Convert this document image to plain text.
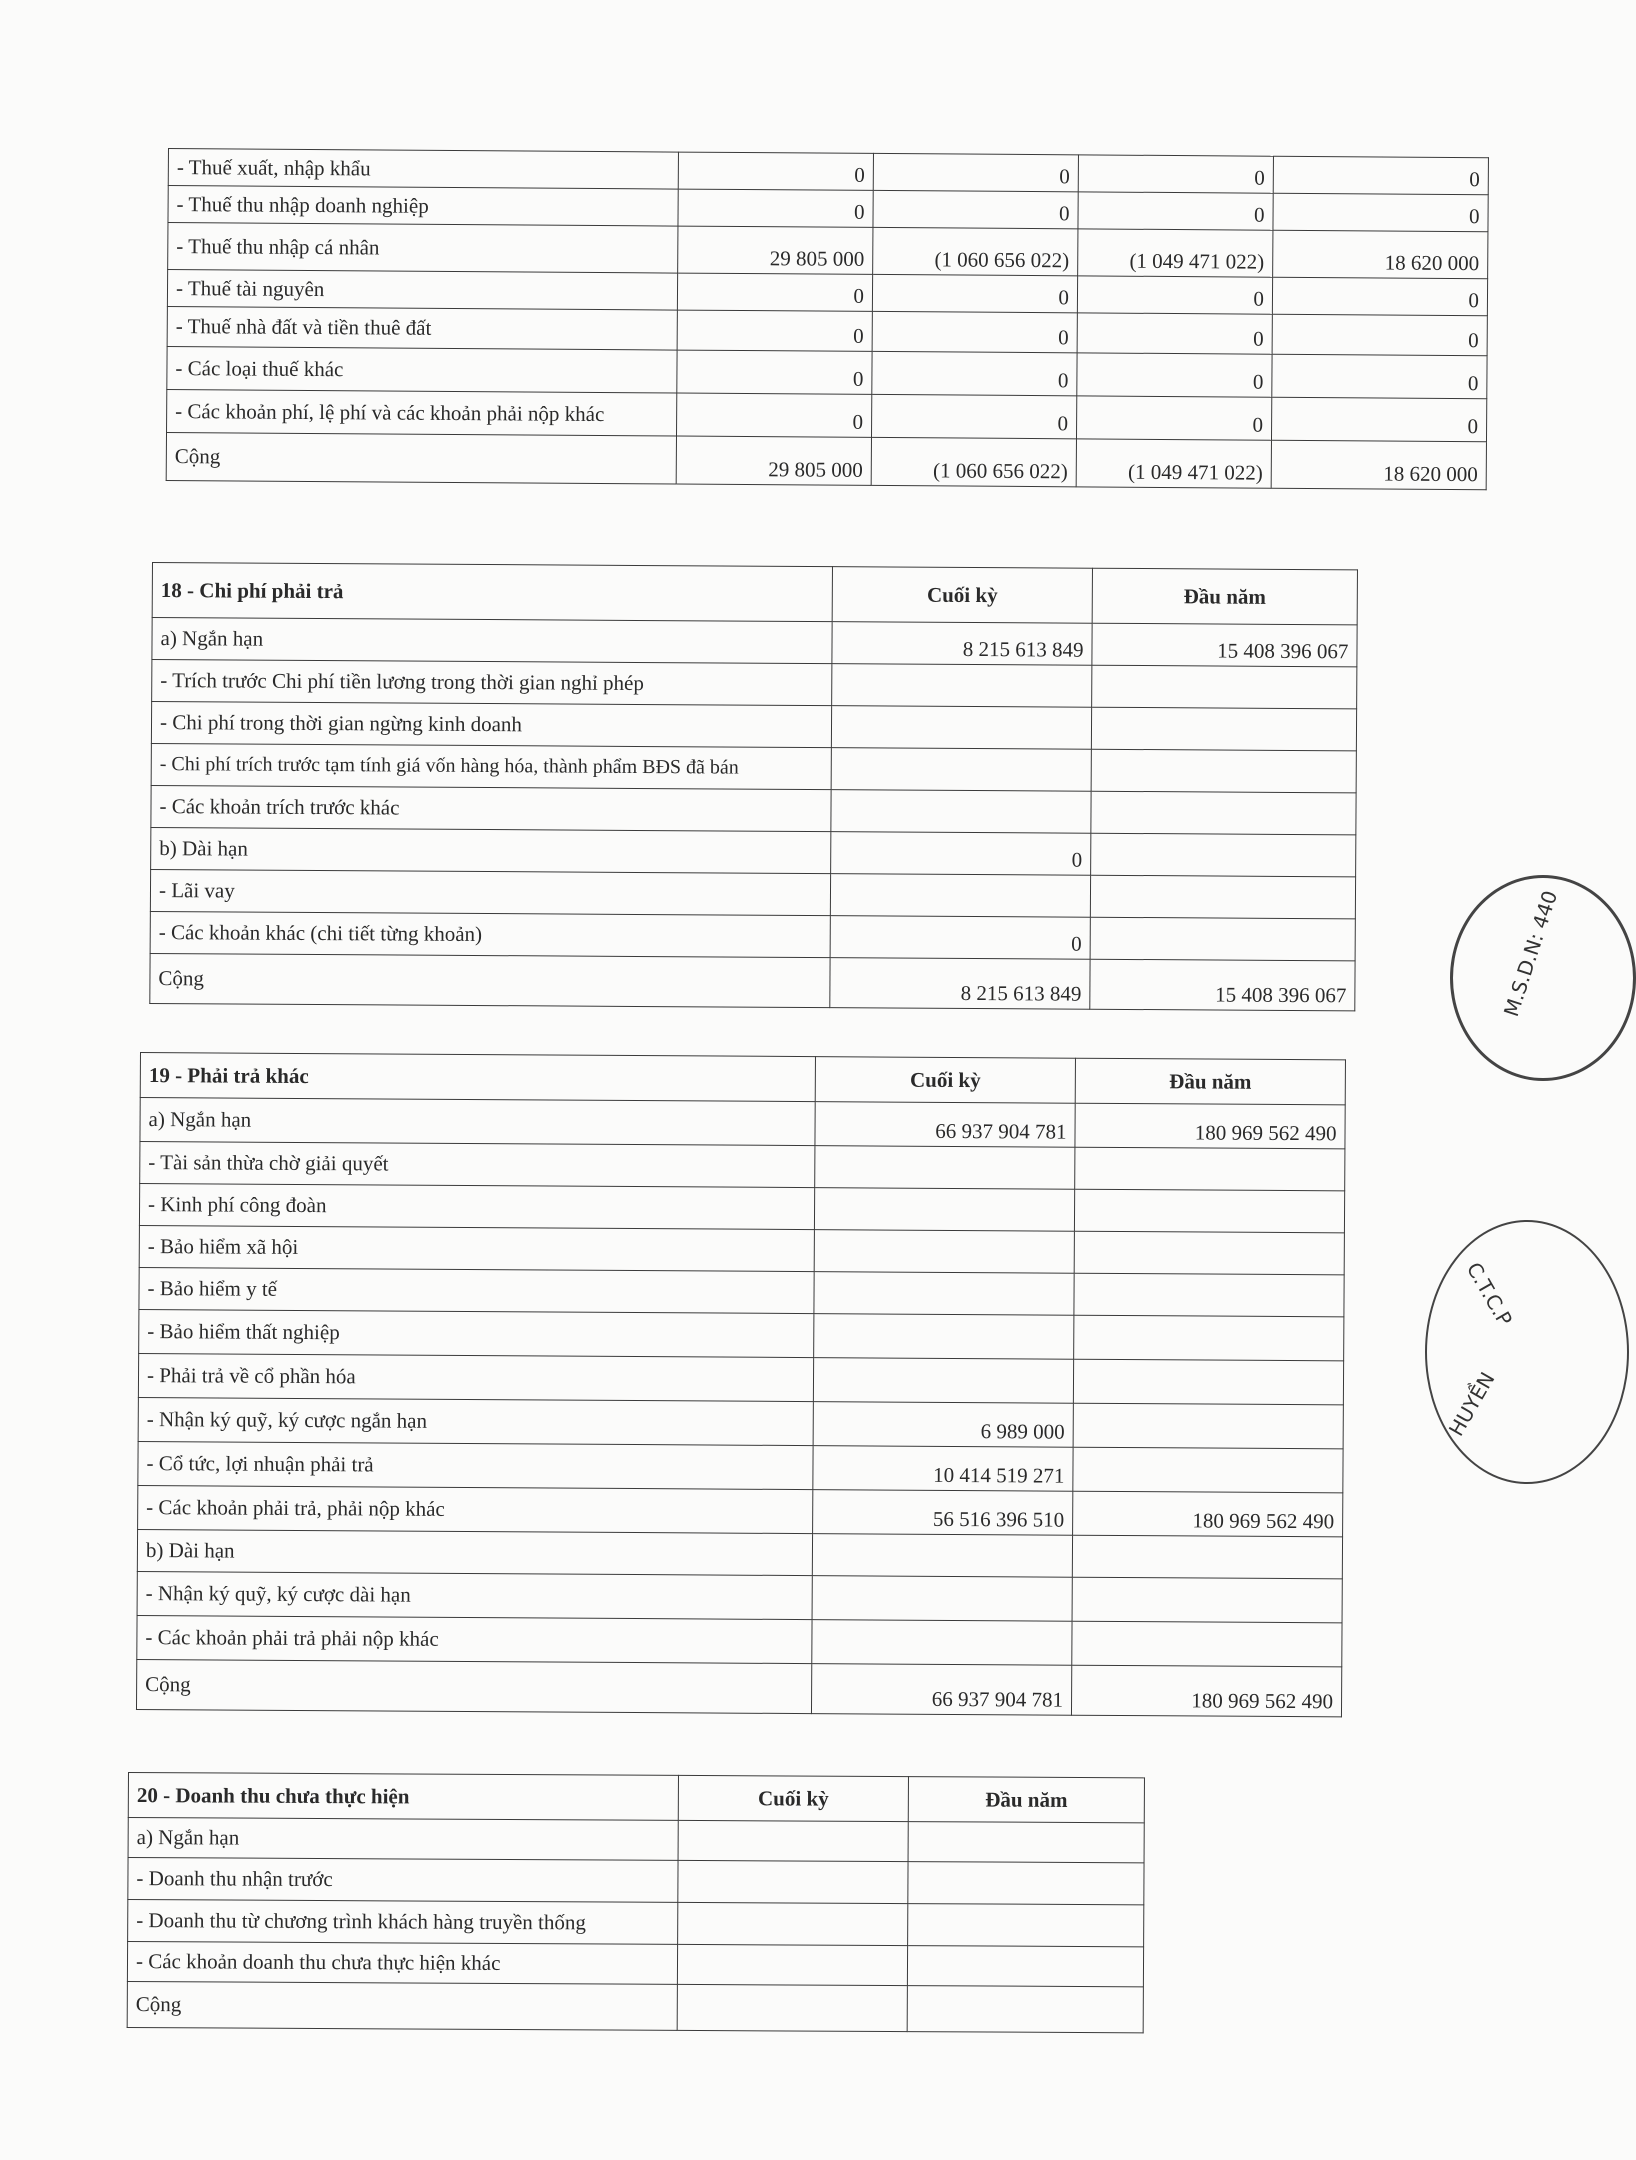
- Thuế xuất, nhập khẩu	0	0	0	0
- Thuế thu nhập doanh nghiệp	0	0	0	0
- Thuế thu nhập cá nhân	29 805 000	(1 060 656 022)	(1 049 471 022)	18 620 000
- Thuế tài nguyên	0	0	0	0
- Thuế nhà đất và tiền thuê đất	0	0	0	0
- Các loại thuế khác	0	0	0	0
- Các khoản phí, lệ phí và các khoản phải nộp khác	0	0	0	0
Cộng	29 805 000	(1 060 656 022)	(1 049 471 022)	18 620 000
18 - Chi phí phải trả	Cuối kỳ	Đầu năm
a) Ngắn hạn	8 215 613 849	15 408 396 067
- Trích trước Chi phí tiền lương trong thời gian nghỉ phép		
- Chi phí trong thời gian ngừng kinh doanh		
- Chi phí trích trước tạm tính giá vốn hàng hóa, thành phẩm BĐS đã bán		
- Các khoản trích trước khác		
b) Dài hạn	0	
- Lãi vay		
- Các khoản khác (chi tiết từng khoản)	0	
Cộng	8 215 613 849	15 408 396 067
19 - Phải trả khác	Cuối kỳ	Đầu năm
a) Ngắn hạn	66 937 904 781	180 969 562 490
- Tài sản thừa chờ giải quyết		
- Kinh phí công đoàn		
- Bảo hiểm xã hội		
- Bảo hiểm y tế		
- Bảo hiểm thất nghiệp		
- Phải trả về cổ phần hóa		
- Nhận ký quỹ, ký cược ngắn hạn	6 989 000	
- Cổ tức, lợi nhuận phải trả	10 414 519 271	
- Các khoản phải trả, phải nộp khác	56 516 396 510	180 969 562 490
b) Dài hạn		
- Nhận ký quỹ, ký cược dài hạn		
- Các khoản phải trả phải nộp khác		
Cộng	66 937 904 781	180 969 562 490
20 - Doanh thu chưa thực hiện	Cuối kỳ	Đầu năm
a) Ngắn hạn		
- Doanh thu nhận trước		
- Doanh thu từ chương trình khách hàng truyền thống		
- Các khoản doanh thu chưa thực hiện khác		
Cộng		
M.S.D.N: 440
C.T.C.P
HUYỀN
